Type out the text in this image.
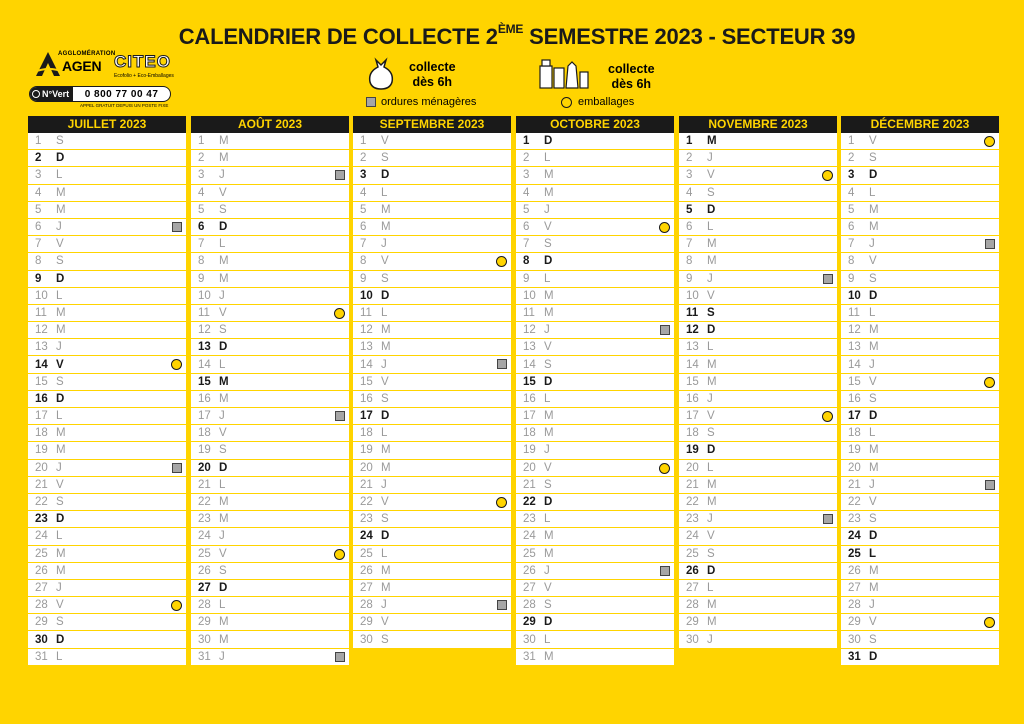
CALENDRIER DE COLLECTE 2ÈME SEMESTRE 2023 - SECTEUR 39
AGGLOMÉRATION
AGEN CITEO
Ecofolio + Eco-Emballages
N°Vert	0 800 77 00 47
APPEL GRATUIT DEPUIS UN POSTE FIXE
collecte
dès 6h
ordures ménagères
collecte
dès 6h
emballages
JUILLET 2023
1	S
2	D
3	L
4	M
5	M
6	J
7	V
8	S
9	D
10 L
11 M
12 M
13 J
14 V
15 S
16 D
17 L
18 M
19 M
20 J
21 V
22 S
23 D
24 L
25 M
26 M
27 J
28 V
29 S
30 D
31 L
AOÛT 2023
1	M
2	M
3	J
4	V
5	S
6	D
7	L
8	M
9	M
10 J
11 V
12 S
13 D
14 L
15 M
16 M
17 J
18 V
19 S
20 D
21 L
22 M
23 M
24 J
25 V
26 S
27 D
28 L
29 M
30 M
31 J
SEPTEMBRE 2023
1	V
2	S
3	D
4	L
5	M
6	M
7	J
8	V
9	S
10 D
11 L
12 M
13 M
14 J
15 V
16 S
17 D
18 L
19 M
20 M
21 J
22 V
23 S
24 D
25 L
26 M
27 M
28 J
29 V
30 S
OCTOBRE 2023
1	D
2	L
3	M
4	M
5	J
6	V
7	S
8	D
9	L
10 M
11 M
12 J
13 V
14 S
15 D
16 L
17 M
18 M
19 J
20 V
21 S
22 D
23 L
24 M
25 M
26 J
27 V
28 S
29 D
30 L
31 M
NOVEMBRE 2023
1	M
2	J
3	V
4	S
5	D
6	L
7	M
8	M
9	J
10 V
11 S
12 D
13 L
14 M
15 M
16 J
17 V
18 S
19 D
20 L
21 M
22 M
23 J
24 V
25 S
26 D
27 L
28 M
29 M
30 J
DÉCEMBRE 2023
1	V
2	S
3	D
4	L
5	M
6	M
7	J
8	V
9	S
10 D
11 L
12 M
13 M
14 J
15 V
16 S
17 D
18 L
19 M
20 M
21 J
22 V
23 S
24 D
25 L
26 M
27 M
28 J
29 V
30 S
31 D
